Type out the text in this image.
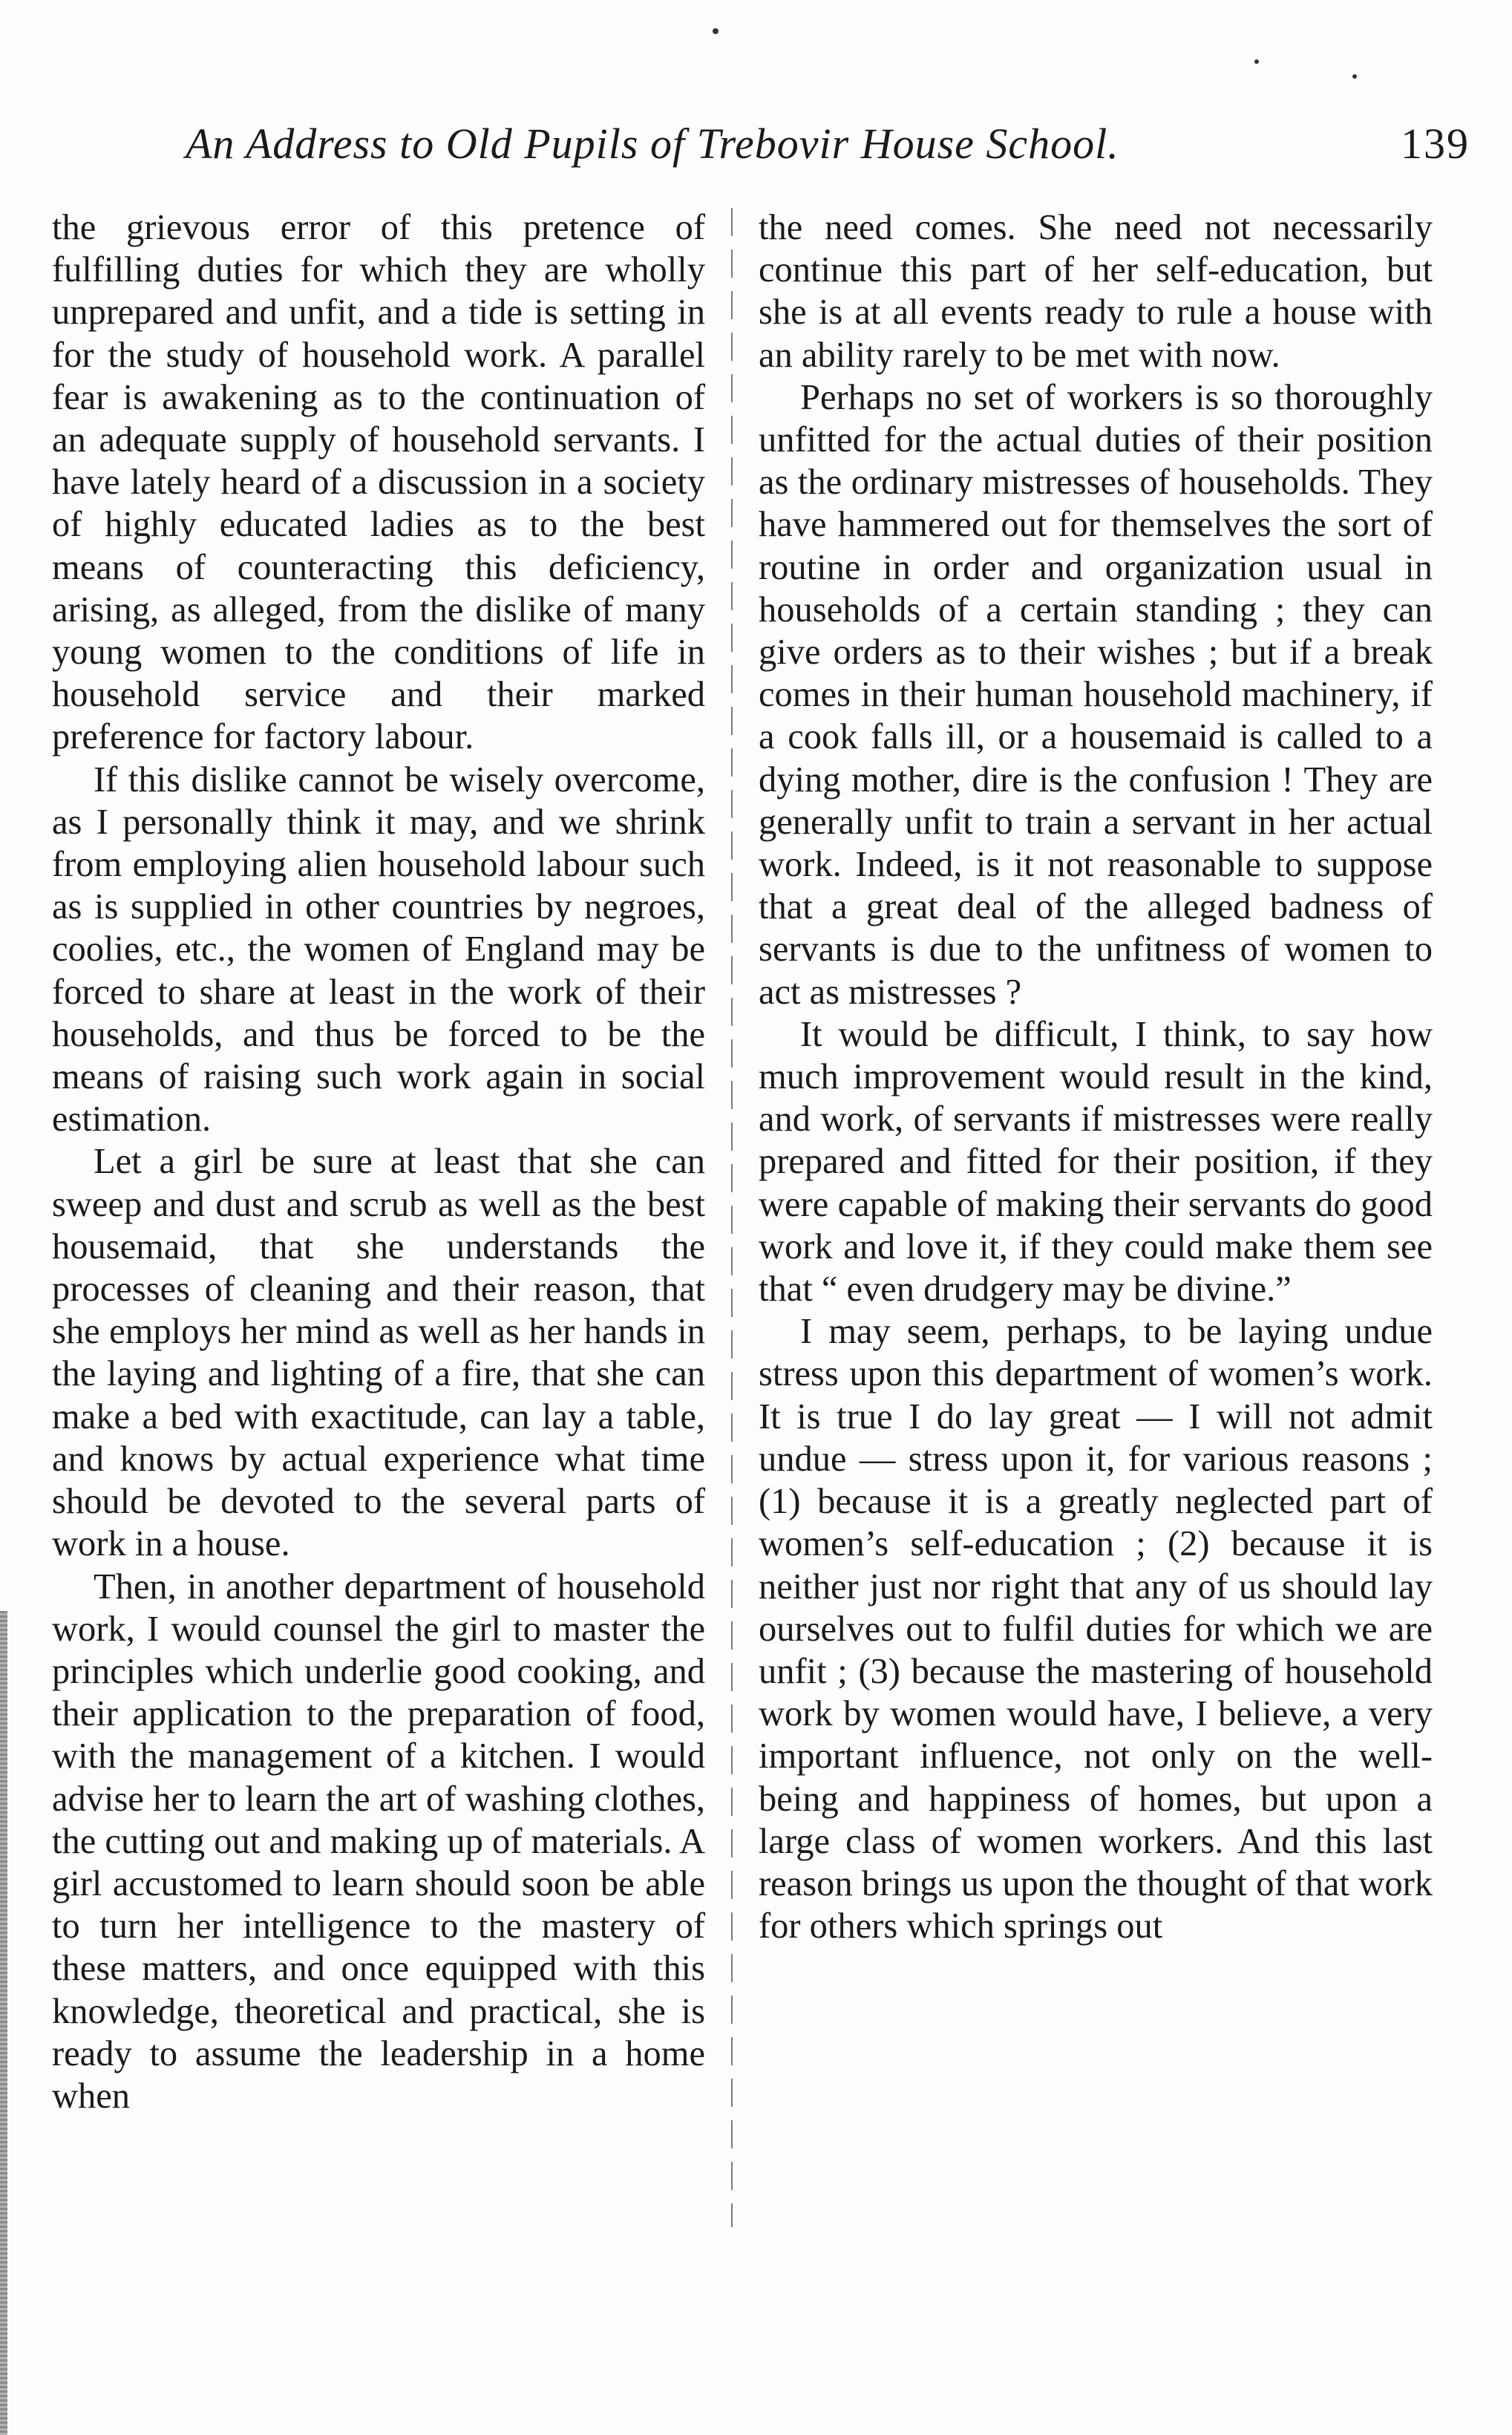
An Address to Old Pupils of Trebovir House School.	139

the grievous error of this pretence of fulfilling duties for which they are wholly unprepared and unfit, and a tide is setting in for the study of household work. A parallel fear is awakening as to the continuation of an adequate supply of household servants. I have lately heard of a discussion in a society of highly educated ladies as to the best means of counteracting this deficiency, arising, as alleged, from the dislike of many young women to the conditions of life in household service and their marked preference for factory labour.

If this dislike cannot be wisely overcome, as I personally think it may, and we shrink from employing alien household labour such as is supplied in other countries by negroes, coolies, etc., the women of England may be forced to share at least in the work of their households, and thus be forced to be the means of raising such work again in social estimation.

Let a girl be sure at least that she can sweep and dust and scrub as well as the best housemaid, that she understands the processes of cleaning and their reason, that she employs her mind as well as her hands in the laying and lighting of a fire, that she can make a bed with exactitude, can lay a table, and knows by actual experience what time should be devoted to the several parts of work in a house.

Then, in another department of household work, I would counsel the girl to master the principles which underlie good cooking, and their application to the preparation of food, with the management of a kitchen. I would advise her to learn the art of washing clothes, the cutting out and making up of materials. A girl accustomed to learn should soon be able to turn her intelligence to the mastery of these matters, and once equipped with this knowledge, theoretical and practical, she is ready to assume the leadership in a home when

the need comes. She need not necessarily continue this part of her self-education, but she is at all events ready to rule a house with an ability rarely to be met with now.

Perhaps no set of workers is so thoroughly unfitted for the actual duties of their position as the ordinary mistresses of households. They have hammered out for themselves the sort of routine in order and organization usual in households of a certain standing ; they can give orders as to their wishes ; but if a break comes in their human household machinery, if a cook falls ill, or a housemaid is called to a dying mother, dire is the confusion ! They are generally unfit to train a servant in her actual work. Indeed, is it not reasonable to suppose that a great deal of the alleged badness of servants is due to the unfitness of women to act as mistresses ?

It would be difficult, I think, to say how much improvement would result in the kind, and work, of servants if mistresses were really prepared and fitted for their position, if they were capable of making their servants do good work and love it, if they could make them see that “ even drudgery may be divine.”

I may seem, perhaps, to be laying undue stress upon this department of women’s work. It is true I do lay great — I will not admit undue — stress upon it, for various reasons ; (1) because it is a greatly neglected part of women’s self-education ; (2) because it is neither just nor right that any of us should lay ourselves out to fulfil duties for which we are unfit ; (3) because the mastering of household work by women would have, I believe, a very important influence, not only on the well-being and happiness of homes, but upon a large class of women workers. And this last reason brings us upon the thought of that work for others which springs out
